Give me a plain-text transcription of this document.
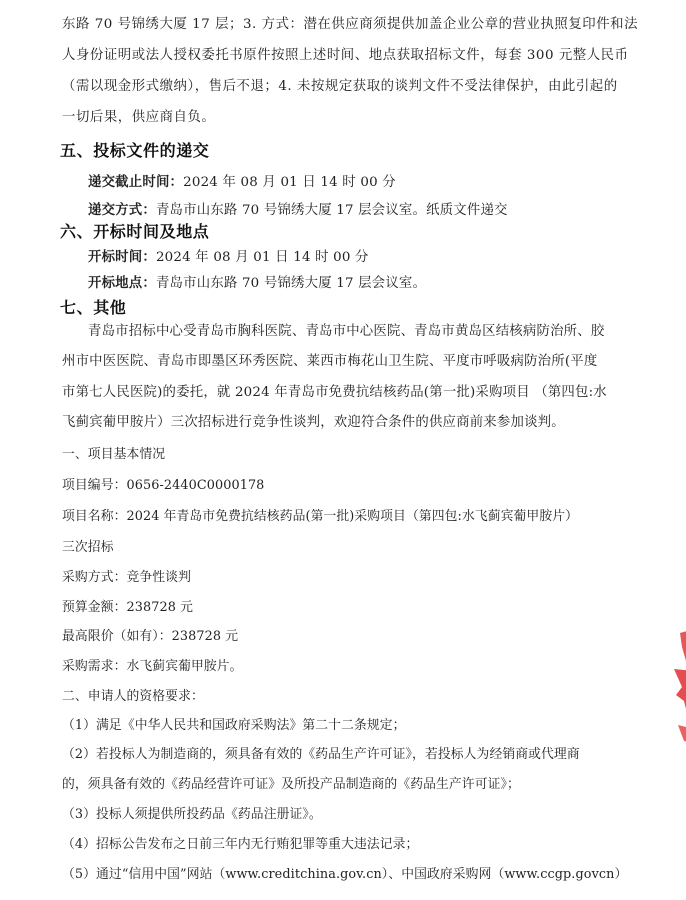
东路 70 号锦绣大厦 17 层；3. 方式：潜在供应商须提供加盖企业公章的营业执照复印件和法
人身份证明或法人授权委托书原件按照上述时间、地点获取招标文件，每套 300 元整人民币
（需以现金形式缴纳），售后不退；4. 未按规定获取的谈判文件不受法律保护，由此引起的
一切后果，供应商自负。
五、投标文件的递交
递交截止时间：2024 年 08 月 01 日 14 时 00 分
递交方式：青岛市山东路 70 号锦绣大厦 17 层会议室。纸质文件递交
六、开标时间及地点
开标时间：2024 年 08 月 01 日 14 时 00 分
开标地点：青岛市山东路 70 号锦绣大厦 17 层会议室。
七、其他
青岛市招标中心受青岛市胸科医院、青岛市中心医院、青岛市黄岛区结核病防治所、胶
州市中医医院、青岛市即墨区环秀医院、莱西市梅花山卫生院、平度市呼吸病防治所(平度
市第七人民医院)的委托，就 2024 年青岛市免费抗结核药品(第一批)采购项目 （第四包:水
飞蓟宾葡甲胺片）三次招标进行竞争性谈判，欢迎符合条件的供应商前来参加谈判。
一、项目基本情况
项目编号：0656-2440C0000178
项目名称：2024 年青岛市免费抗结核药品(第一批)采购项目（第四包:水飞蓟宾葡甲胺片）
三次招标
采购方式：竞争性谈判
预算金额：238728 元
最高限价（如有）：238728 元
采购需求：水飞蓟宾葡甲胺片。
二、申请人的资格要求：
（1）满足《中华人民共和国政府采购法》第二十二条规定；
（2）若投标人为制造商的，须具备有效的《药品生产许可证》，若投标人为经销商或代理商
的，须具备有效的《药品经营许可证》及所投产品制造商的《药品生产许可证》；
（3）投标人须提供所投药品《药品注册证》。
（4）招标公告发布之日前三年内无行贿犯罪等重大违法记录；
（5）通过“信用中国”网站（www.creditchina.gov.cn）、中国政府采购网（www.ccgp.govcn）
